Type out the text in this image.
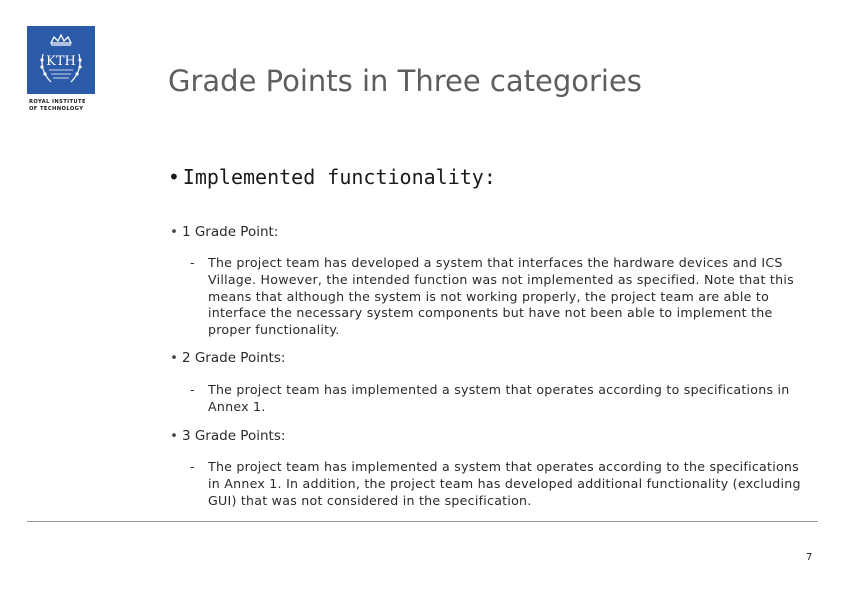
KTH
ROYAL INSTITUTE
OF TECHNOLOGY
Grade Points in Three categories
• Implemented functionality:
• 1 Grade Point:
- The project team has developed a system that interfaces the hardware devices and ICS Village. However, the intended function was not implemented as specified. Note that this means that although the system is not working properly, the project team are able to interface the necessary system components but have not been able to implement the proper functionality.
• 2 Grade Points:
- The project team has implemented a system that operates according to specifications in Annex 1.
• 3 Grade Points:
- The project team has implemented a system that operates according to the specifications in Annex 1. In addition, the project team has developed additional functionality (excluding GUI) that was not considered in the specification.
7
